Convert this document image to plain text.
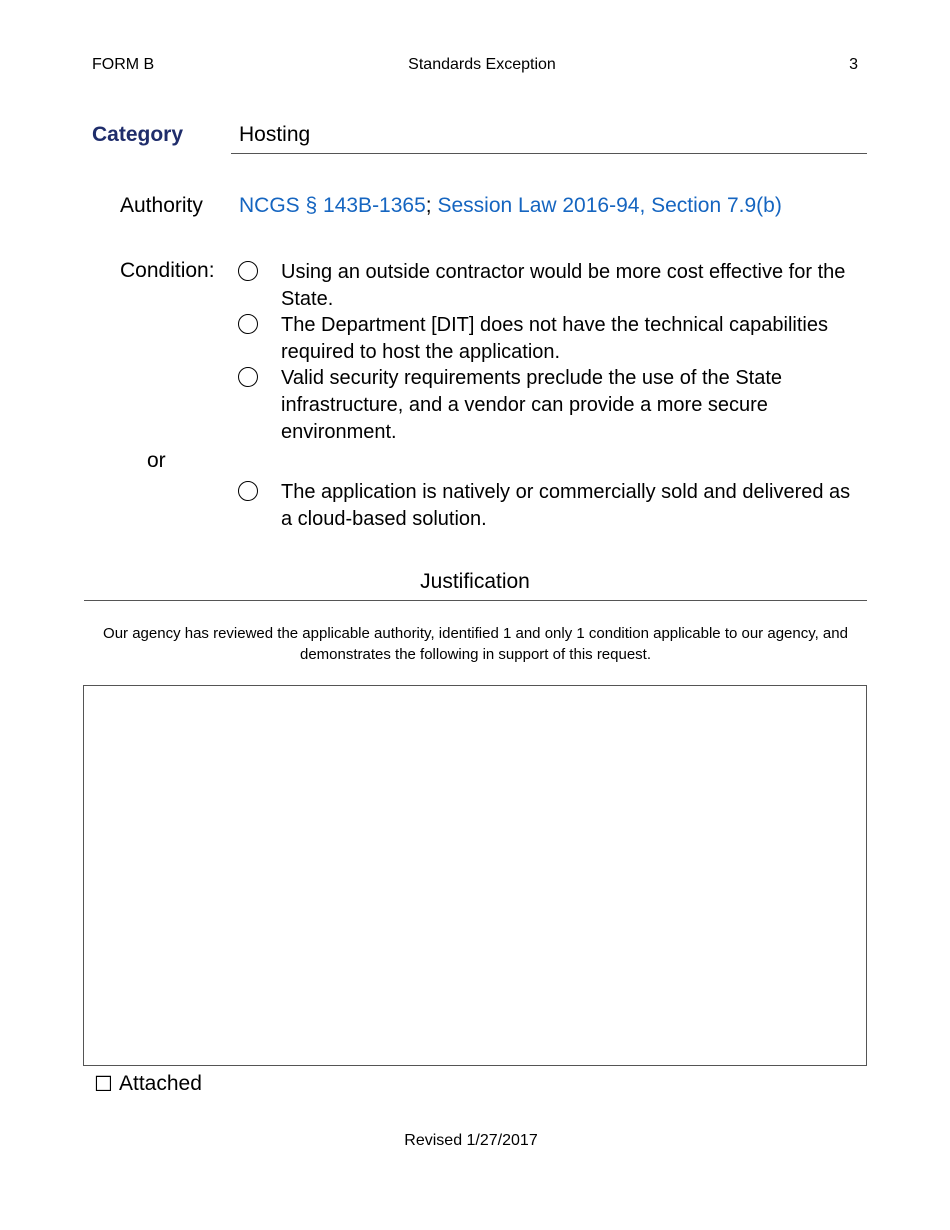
FORM B	Standards Exception	3
Category	Hosting
Authority NCGS § 143B-1365; Session Law 2016-94, Section 7.9(b)
Condition:	Using an outside contractor would be more cost effective for the State.
The Department [DIT] does not have the technical capabilities required to host the application.
Valid security requirements preclude the use of the State infrastructure, and a vendor can provide a more secure environment.
or
The application is natively or commercially sold and delivered as a cloud-based solution.
Justification
Our agency has reviewed the applicable authority, identified 1 and only 1 condition applicable to our agency, and demonstrates the following in support of this request.
☐ Attached
Revised 1/27/2017
